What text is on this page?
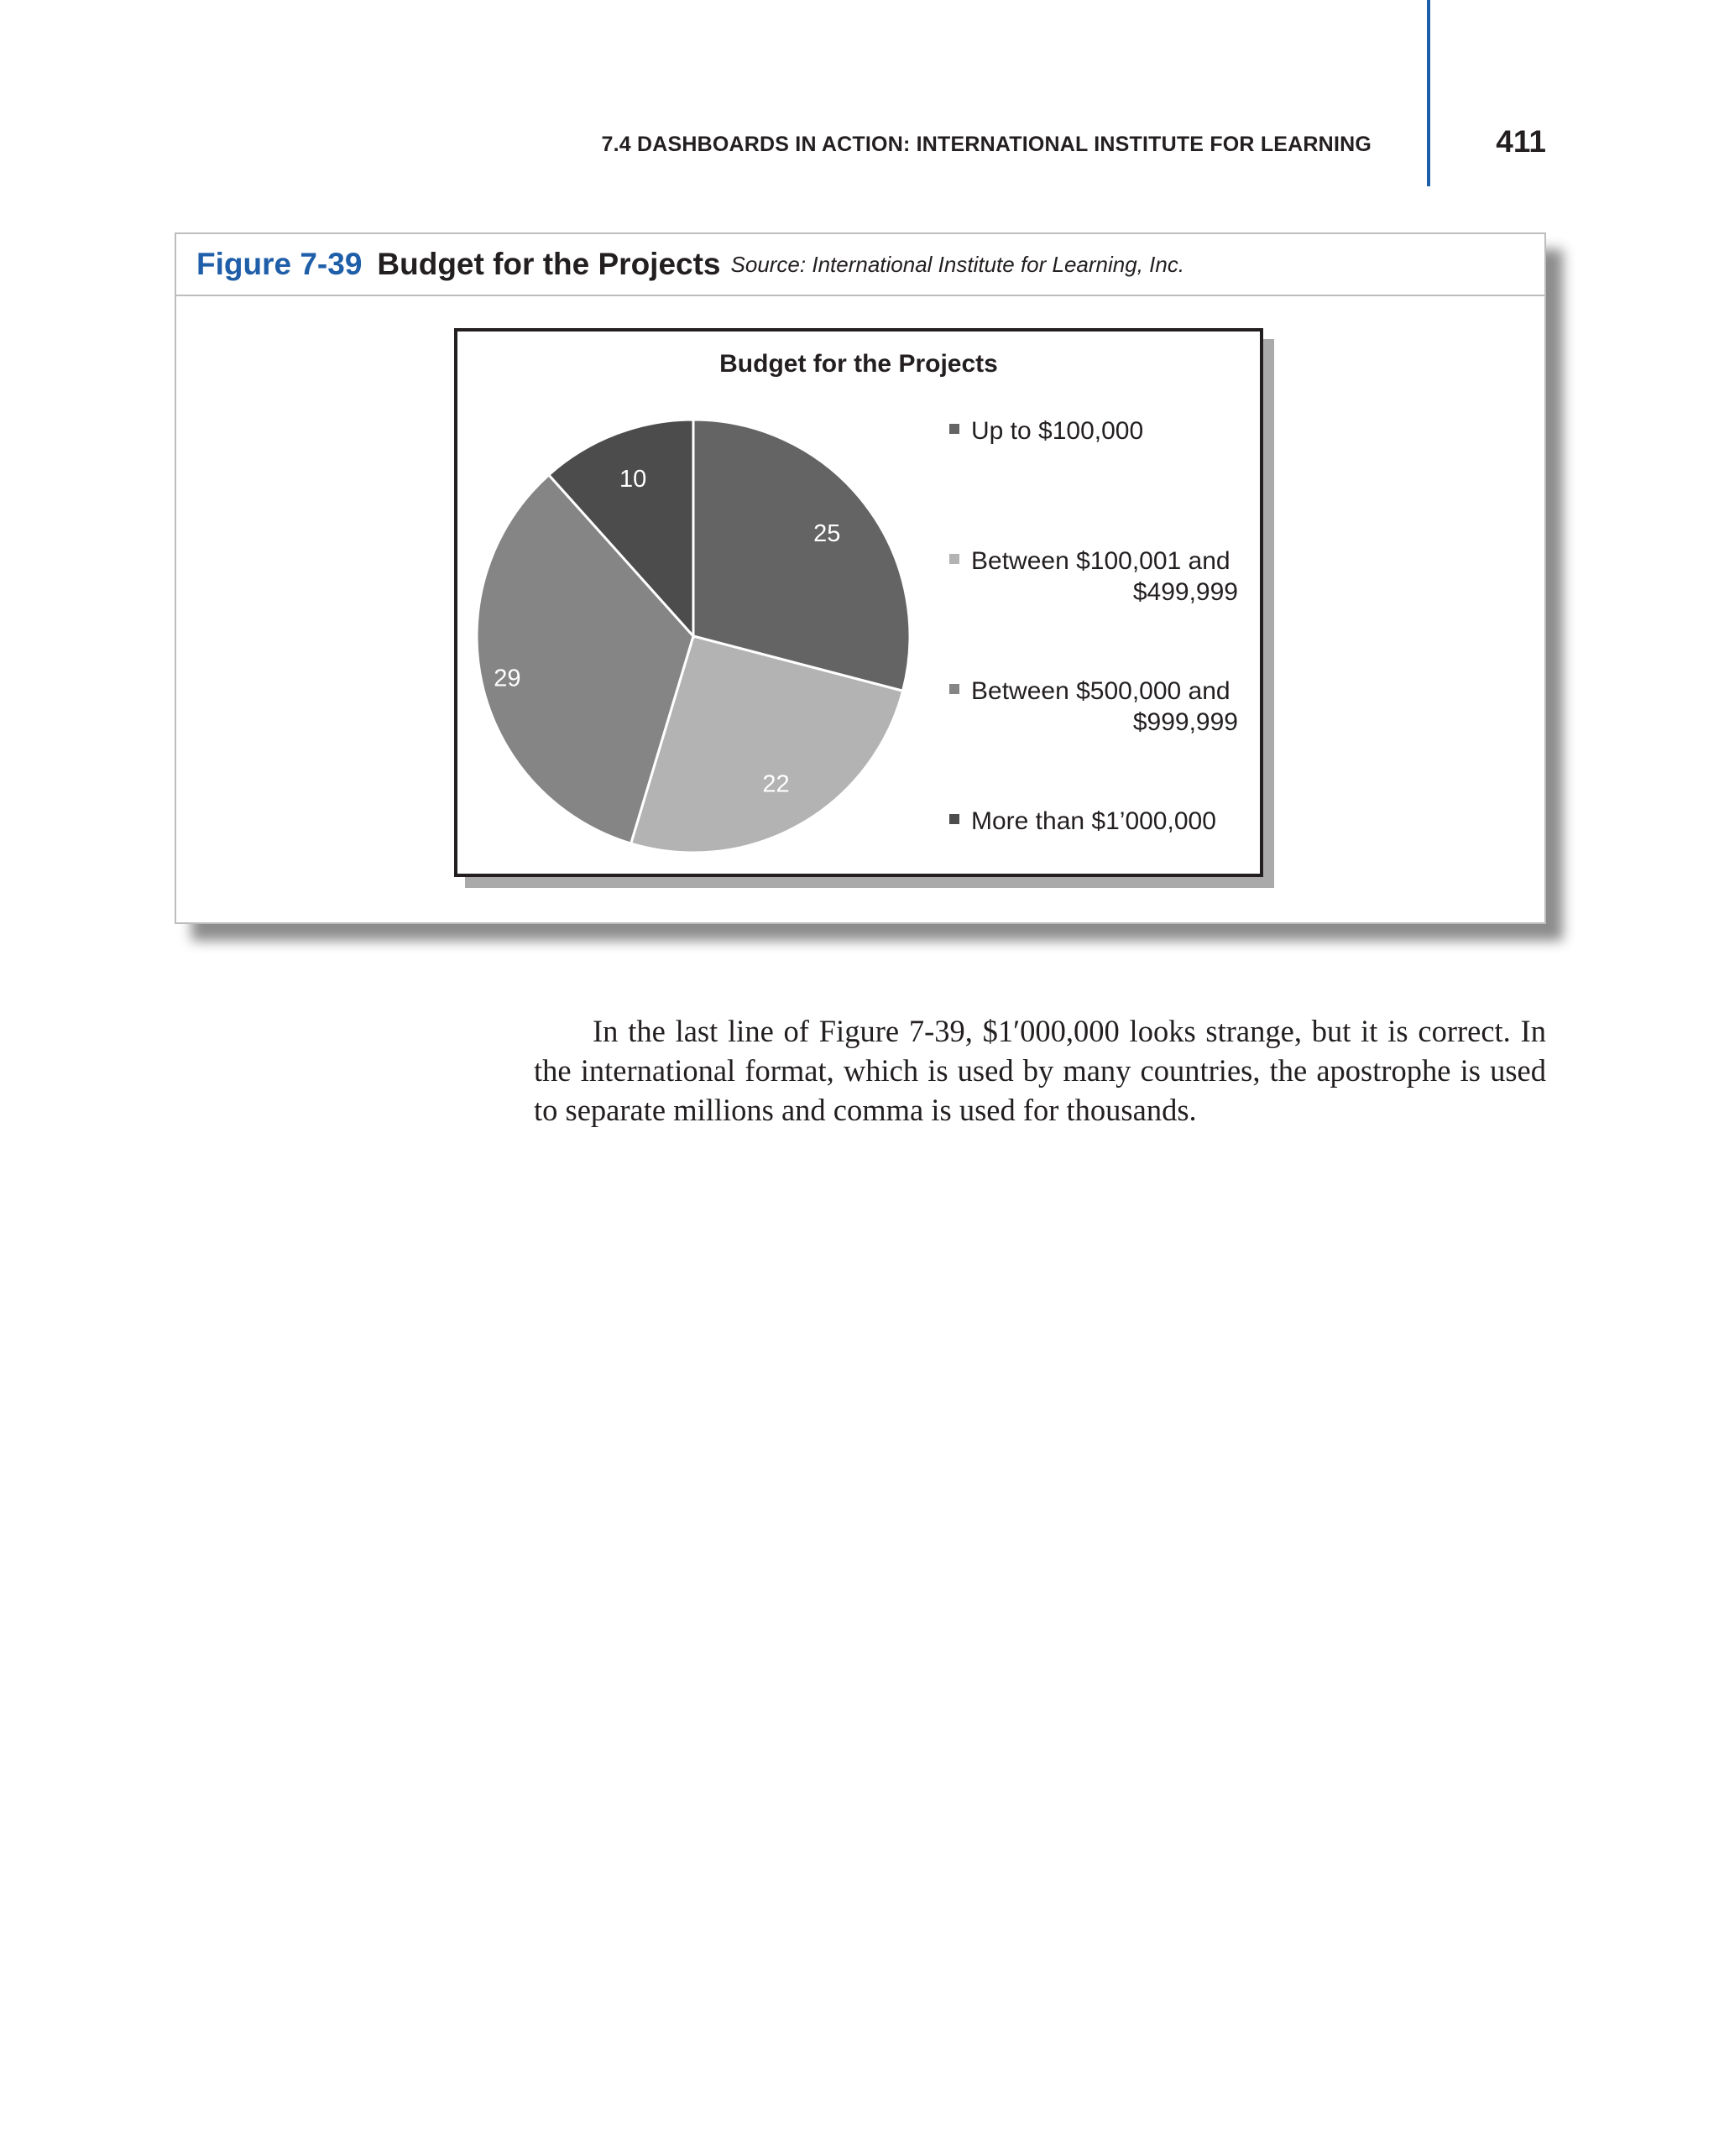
7.4 DASHBOARDS IN ACTION: INTERNATIONAL INSTITUTE FOR LEARNING	411
Figure 7-39 Budget for the Projects Source: International Institute for Learning, Inc.
Budget for the Projects
25
22
29
10
Up to $100,000
Between $100,001 and
$499,999
Between $500,000 and
$999,999
More than $1’000,000

In the last line of Figure 7-39, $1′000,000 looks strange, but it is correct. In the international format, which is used by many countries, the apostrophe is used to separate millions and comma is used for thousands.
